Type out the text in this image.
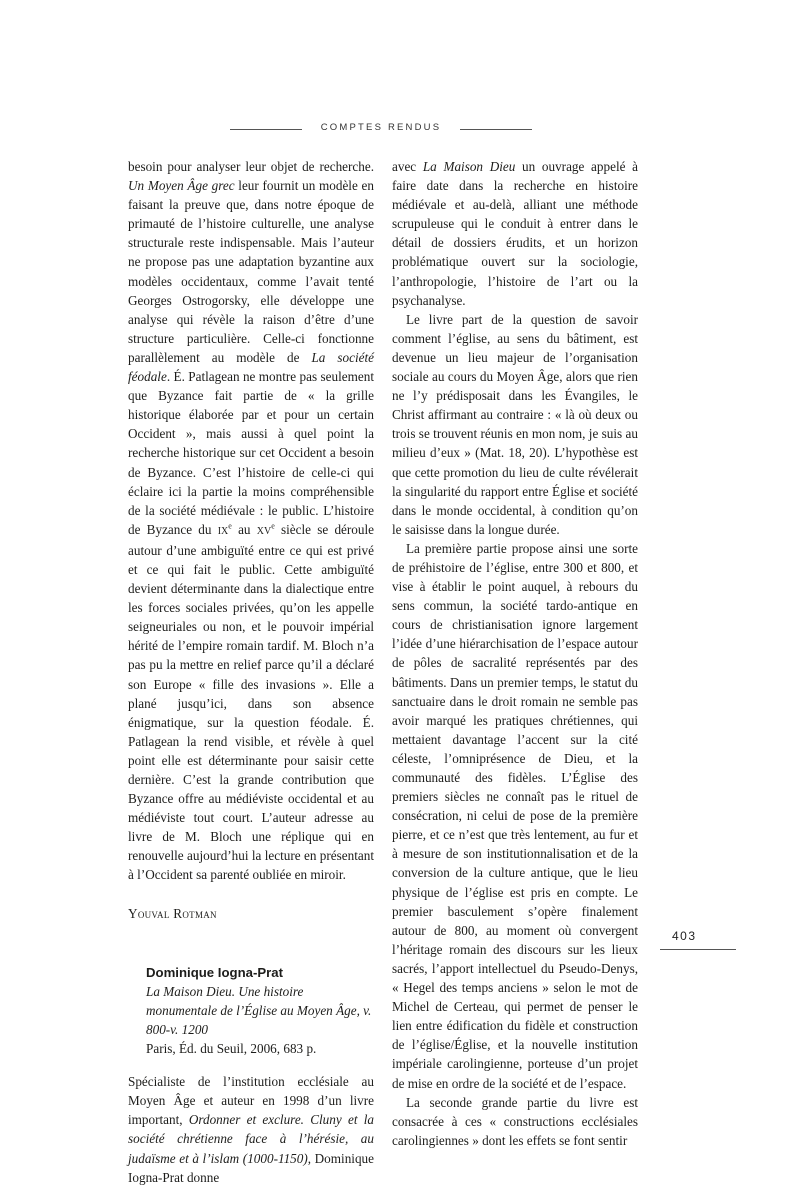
COMPTES RENDUS

besoin pour analyser leur objet de recherche. Un Moyen Âge grec leur fournit un modèle en faisant la preuve que, dans notre époque de primauté de l’histoire culturelle, une analyse structurale reste indispensable. Mais l’auteur ne propose pas une adaptation byzantine aux modèles occidentaux, comme l’avait tenté Georges Ostrogorsky, elle développe une analyse qui révèle la raison d’être d’une structure particulière. Celle-ci fonctionne parallèlement au modèle de La société féodale. É. Patlagean ne montre pas seulement que Byzance fait partie de « la grille historique élaborée par et pour un certain Occident », mais aussi à quel point la recherche historique sur cet Occident a besoin de Byzance. C’est l’histoire de celle-ci qui éclaire ici la partie la moins compréhensible de la société médiévale : le public. L’histoire de Byzance du IXe au XVe siècle se déroule autour d’une ambiguïté entre ce qui est privé et ce qui fait le public. Cette ambiguïté devient déterminante dans la dialectique entre les forces sociales privées, qu’on les appelle seigneuriales ou non, et le pouvoir impérial hérité de l’empire romain tardif. M. Bloch n’a pas pu la mettre en relief parce qu’il a déclaré son Europe « fille des invasions ». Elle a plané jusqu’ici, dans son absence énigmatique, sur la question féodale. É. Patlagean la rend visible, et révèle à quel point elle est déterminante pour saisir cette dernière. C’est la grande contribution que Byzance offre au médiéviste occidental et au médiéviste tout court. L’auteur adresse au livre de M. Bloch une réplique qui en renouvelle aujourd’hui la lecture en présentant à l’Occident sa parenté oubliée en miroir.

Youval Rotman

Dominique Iogna-Prat

La Maison Dieu. Une histoire monumentale de l’Église au Moyen Âge, v. 800-v. 1200
Paris, Éd. du Seuil, 2006, 683 p.

Spécialiste de l’institution ecclésiale au Moyen Âge et auteur en 1998 d’un livre important, Ordonner et exclure. Cluny et la société chrétienne face à l’hérésie, au judaïsme et à l’islam (1000-1150), Dominique Iogna-Prat donne

avec La Maison Dieu un ouvrage appelé à faire date dans la recherche en histoire médiévale et au-delà, alliant une méthode scrupuleuse qui le conduit à entrer dans le détail de dossiers érudits, et un horizon problématique ouvert sur la sociologie, l’anthropologie, l’histoire de l’art ou la psychanalyse.

Le livre part de la question de savoir comment l’église, au sens du bâtiment, est devenue un lieu majeur de l’organisation sociale au cours du Moyen Âge, alors que rien ne l’y prédisposait dans les Évangiles, le Christ affirmant au contraire : « là où deux ou trois se trouvent réunis en mon nom, je suis au milieu d’eux » (Mat. 18, 20). L’hypothèse est que cette promotion du lieu de culte révélerait la singularité du rapport entre Église et société dans le monde occidental, à condition qu’on le saisisse dans la longue durée.

La première partie propose ainsi une sorte de préhistoire de l’église, entre 300 et 800, et vise à établir le point auquel, à rebours du sens commun, la société tardo-antique en cours de christianisation ignore largement l’idée d’une hiérarchisation de l’espace autour de pôles de sacralité représentés par des bâtiments. Dans un premier temps, le statut du sanctuaire dans le droit romain ne semble pas avoir marqué les pratiques chrétiennes, qui mettaient davantage l’accent sur la cité céleste, l’omniprésence de Dieu, et la communauté des fidèles. L’Église des premiers siècles ne connaît pas le rituel de consécration, ni celui de pose de la première pierre, et ce n’est que très lentement, au fur et à mesure de son institutionnalisation et de la conversion de la culture antique, que le lieu physique de l’église est pris en compte. Le premier basculement s’opère finalement autour de 800, au moment où convergent l’héritage romain des discours sur les lieux sacrés, l’apport intellectuel du Pseudo-Denys, « Hegel des temps anciens » selon le mot de Michel de Certeau, qui permet de penser le lien entre édification du fidèle et construction de l’église/Église, et la nouvelle institution impériale carolingienne, porteuse d’un projet de mise en ordre de la société et de l’espace.

La seconde grande partie du livre est consacrée à ces « constructions ecclésiales carolingiennes » dont les effets se font sentir

403
